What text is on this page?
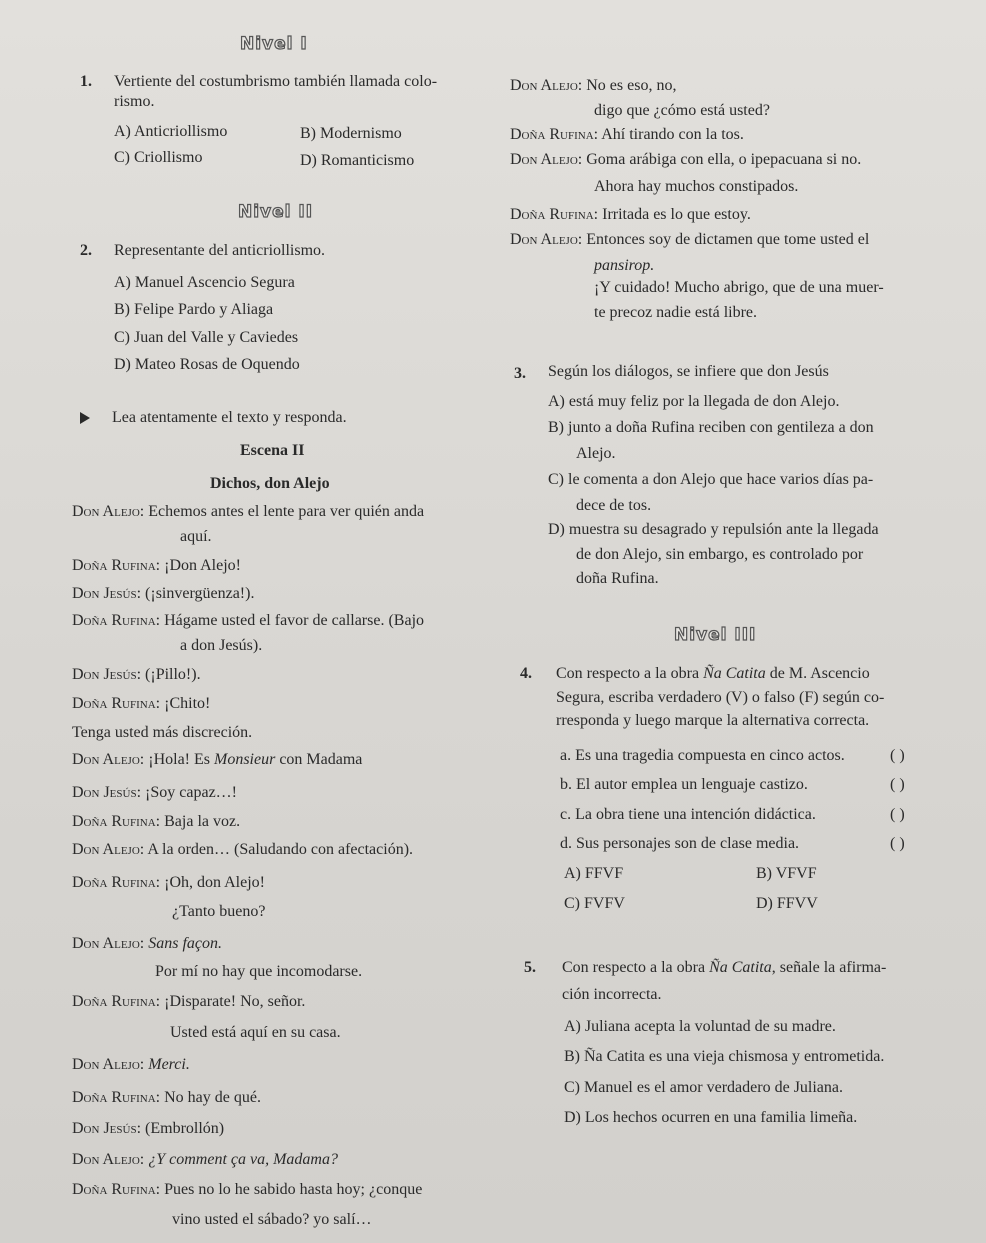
Nivel I
1. Vertiente del costumbrismo también llamada colo-
rismo.
A) Anticriollismo	B) Modernismo
C) Criollismo	D) Romanticismo
Nivel II
2. Representante del anticriollismo.
A) Manuel Ascencio Segura
B) Felipe Pardo y Aliaga
C) Juan del Valle y Caviedes
D) Mateo Rosas de Oquendo
Lea atentamente el texto y responda.
Escena II
Dichos, don Alejo
Don Alejo: Echemos antes el lente para ver quién anda
aquí.
Doña Rufina: ¡Don Alejo!
Don Jesús: (¡sinvergüenza!).
Doña Rufina: Hágame usted el favor de callarse. (Bajo
a don Jesús).
Don Jesús: (¡Pillo!).
Doña Rufina: ¡Chito!
Tenga usted más discreción.
Don Alejo: ¡Hola! Es Monsieur con Madama
Don Jesús: ¡Soy capaz…!
Doña Rufina: Baja la voz.
Don Alejo: A la orden… (Saludando con afectación).
Doña Rufina: ¡Oh, don Alejo!
¿Tanto bueno?
Don Alejo: Sans façon.
Por mí no hay que incomodarse.
Doña Rufina: ¡Disparate! No, señor.
Usted está aquí en su casa.
Don Alejo: Merci.
Doña Rufina: No hay de qué.
Don Jesús: (Embrollón)
Don Alejo: ¿Y comment ça va, Madama?
Doña Rufina: Pues no lo he sabido hasta hoy; ¿conque
vino usted el sábado? yo salí…
Don Alejo: No es eso, no,
digo que ¿cómo está usted?
Doña Rufina: Ahí tirando con la tos.
Don Alejo: Goma arábiga con ella, o ipepacuana si no.
Ahora hay muchos constipados.
Doña Rufina: Irritada es lo que estoy.
Don Alejo: Entonces soy de dictamen que tome usted el
pansirop.
¡Y cuidado! Mucho abrigo, que de una muer-
te precoz nadie está libre.
3. Según los diálogos, se infiere que don Jesús
A) está muy feliz por la llegada de don Alejo.
B) junto a doña Rufina reciben con gentileza a don
Alejo.
C) le comenta a don Alejo que hace varios días pa-
dece de tos.
D) muestra su desagrado y repulsión ante la llegada
de don Alejo, sin embargo, es controlado por
doña Rufina.
Nivel III
4. Con respecto a la obra Ña Catita de M. Ascencio
Segura, escriba verdadero (V) o falso (F) según co-
rresponda y luego marque la alternativa correcta.
a. Es una tragedia compuesta en cinco actos.	( )
b. El autor emplea un lenguaje castizo.	( )
c. La obra tiene una intención didáctica.	( )
d. Sus personajes son de clase media.	( )
A) FFVF	B) VFVF
C) FVFV	D) FFVV
5. Con respecto a la obra Ña Catita, señale la afirma-
ción incorrecta.
A) Juliana acepta la voluntad de su madre.
B) Ña Catita es una vieja chismosa y entrometida.
C) Manuel es el amor verdadero de Juliana.
D) Los hechos ocurren en una familia limeña.
